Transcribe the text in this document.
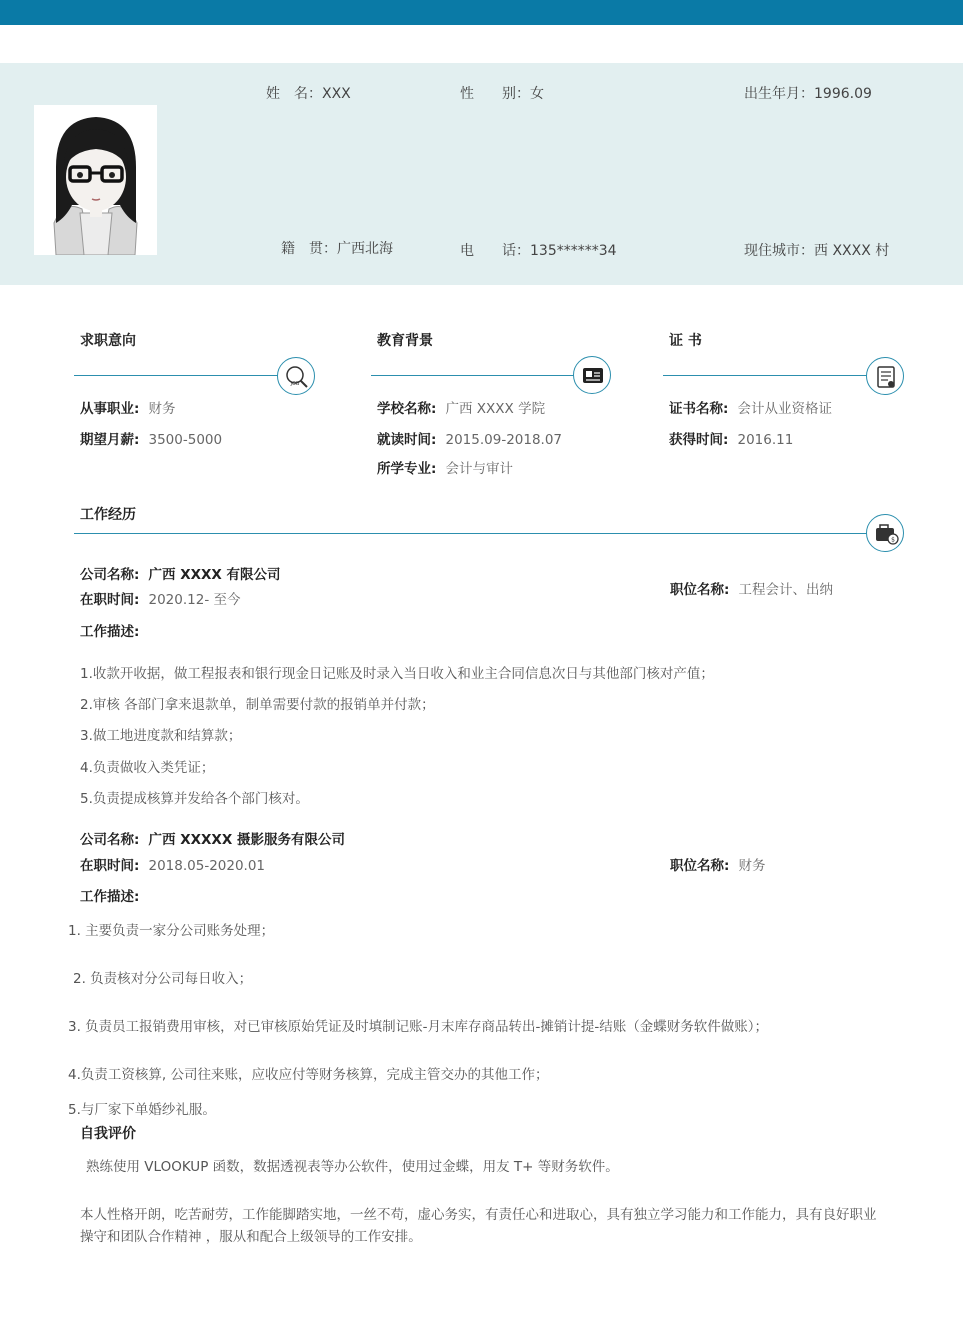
姓　名：XXX	性　　别：女	出生年月：1996.09
籍　贯：广西北海	电　　话：135******34	现住城市：西 XXXX 村
求职意向
JOB
从事职业: 财务
期望月薪: 3500-5000
教育背景
学校名称: 广西 XXXX 学院
就读时间: 2015.09-2018.07
所学专业: 会计与审计
证 书
证书名称: 会计从业资格证
获得时间: 2016.11
工作经历
$
公司名称: 广西 XXXX 有限公司
在职时间: 2020.12- 至今
职位名称: 工程会计、出纳
工作描述:
1.收款开收据，做工程报表和银行现金日记账及时录入当日收入和业主合同信息次日与其他部门核对产值；
2.审核 各部门拿来退款单，制单需要付款的报销单并付款；
3.做工地进度款和结算款；
4.负责做收入类凭证；
5.负责提成核算并发给各个部门核对。
公司名称: 广西 XXXXX 摄影服务有限公司
在职时间: 2018.05-2020.01	职位名称: 财务
工作描述:
1. 主要负责一家分公司账务处理；
2. 负责核对分公司每日收入；
3. 负责员工报销费用审核，对已审核原始凭证及时填制记账-月末库存商品转出-摊销计提-结账（金蝶财务软件做账）；
4.负责工资核算, 公司往来账，应收应付等财务核算，完成主管交办的其他工作；
5.与厂家下单婚纱礼服。
自我评价
熟练使用 VLOOKUP 函数，数据透视表等办公软件，使用过金蝶，用友 T+ 等财务软件。
本人性格开朗，吃苦耐劳，工作能脚踏实地，一丝不苟，虚心务实，有责任心和进取心，具有独立学习能力和工作能力，具有良好职业操守和团队合作精神 ，服从和配合上级领导的工作安排。
